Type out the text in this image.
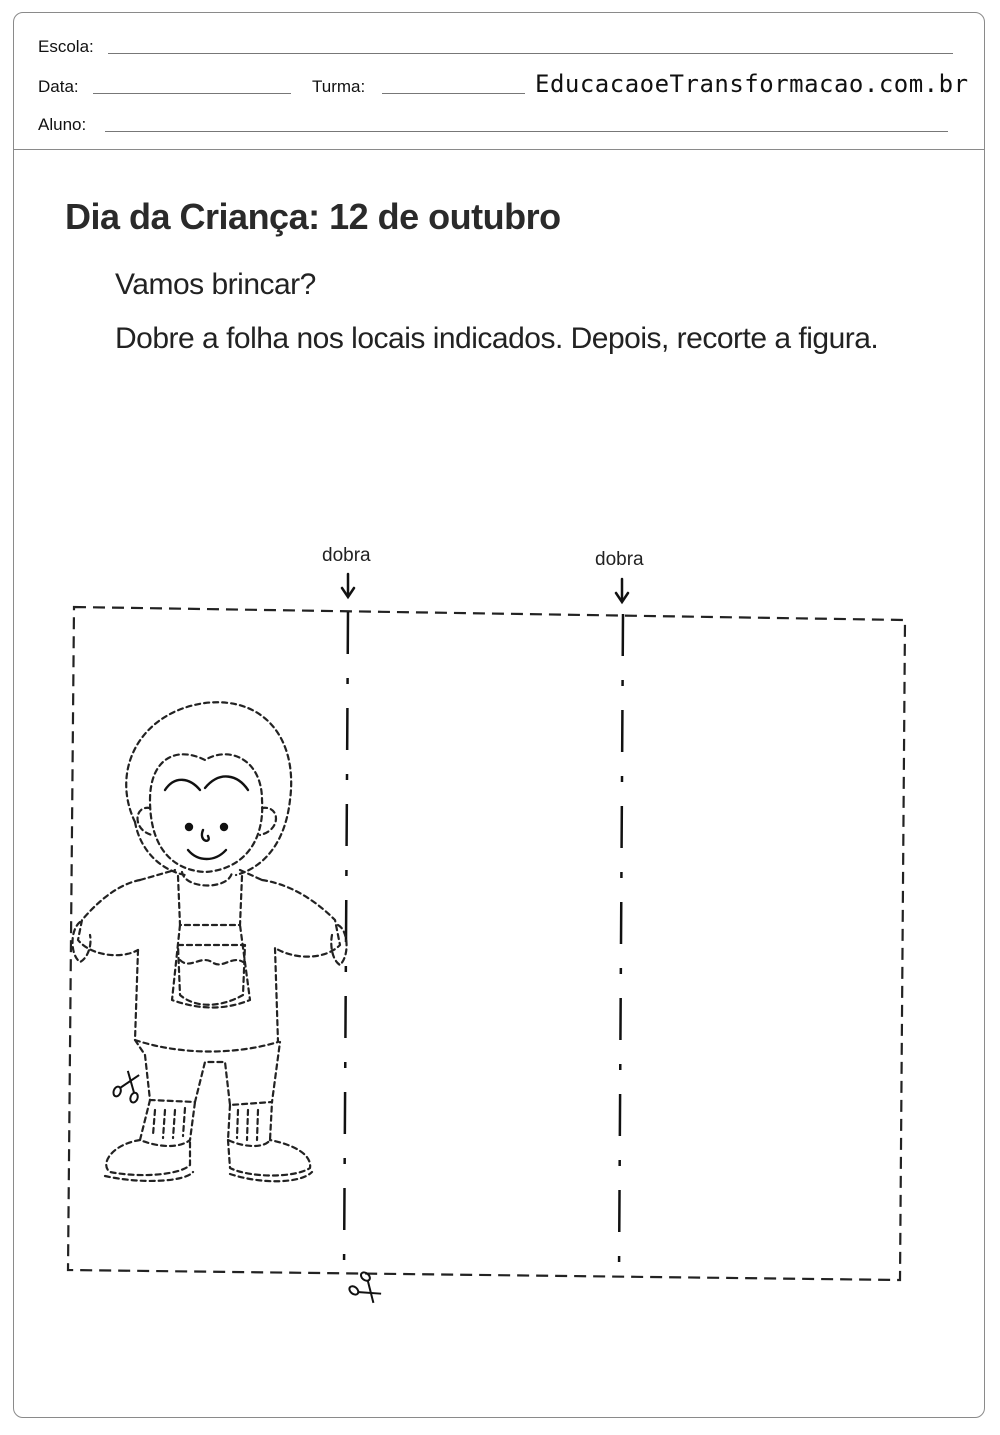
Escola:
Data:	Turma:	EducacaoeTransformacao.com.br
Aluno:
Dia da Criança: 12 de outubro
Vamos brincar?
Dobre a folha nos locais indicados. Depois, recorte a figura.
dobra	dobra
